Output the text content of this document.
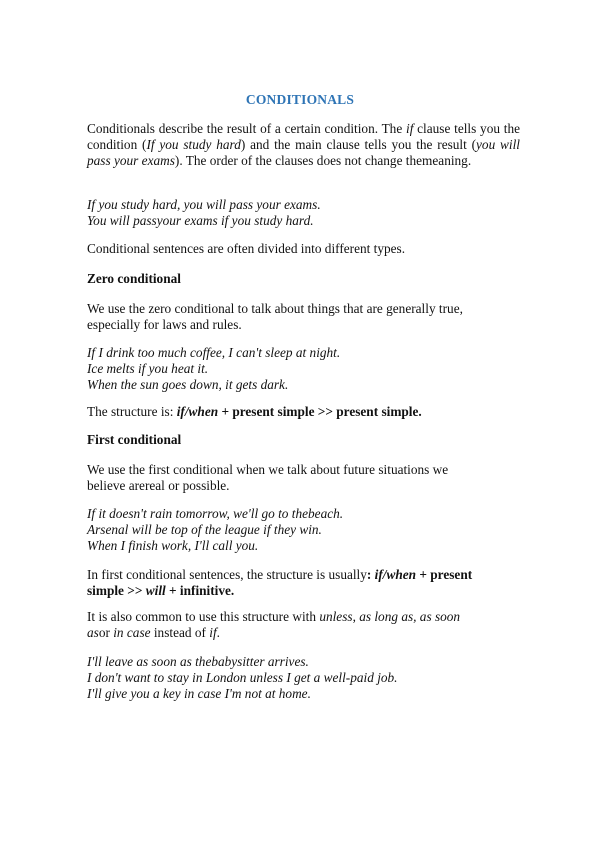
CONDITIONALS
Conditionals describe the result of a certain condition. The if clause tells you the condition (If you study hard) and the main clause tells you the result (you will pass your exams). The order of the clauses does not change themeaning.
If you study hard, you will pass your exams.
You will passyour exams if you study hard.
Conditional sentences are often divided into different types.
Zero conditional
We use the zero conditional to talk about things that are generally true,
especially for laws and rules.
If I drink too much coffee, I can't sleep at night.
Ice melts if you heat it.
When the sun goes down, it gets dark.
The structure is: if/when + present simple >> present simple.
First conditional
We use the first conditional when we talk about future situations we
believe arereal or possible.
If it doesn't rain tomorrow, we'll go to thebeach.
Arsenal will be top of the league if they win.
When I finish work, I'll call you.
In first conditional sentences, the structure is usually: if/when + present
simple >> will + infinitive.
It is also common to use this structure with unless, as long as, as soon
asor in case instead of if.
I'll leave as soon as thebabysitter arrives.
I don't want to stay in London unless I get a well-paid job.
I'll give you a key in case I'm not at home.
